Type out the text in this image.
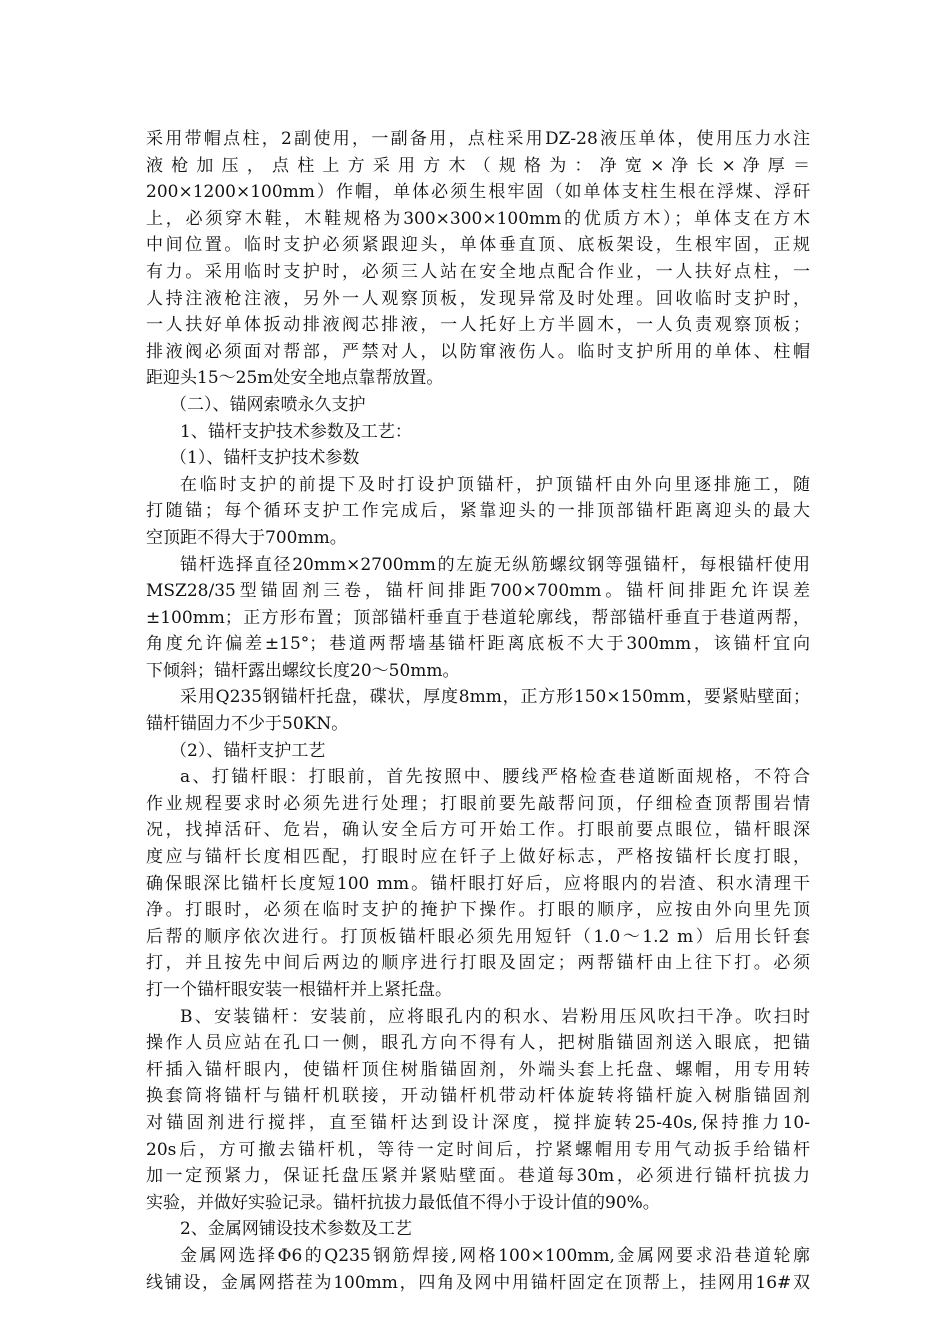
采用带帽点柱，2副使用，一副备用，点柱采用DZ-28液压单体，使用压力水注
液 枪 加 压 ， 点 柱 上 方 采 用 方 木 （ 规 格 为 ： 净 宽 × 净 长 × 净 厚 ＝
200×1200×100mm）作帽，单体必须生根牢固（如单体支柱生根在浮煤、浮矸
上，必须穿木鞋，木鞋规格为300×300×100mm的优质方木）；单体支在方木
中间位置。临时支护必须紧跟迎头，单体垂直顶、底板架设，生根牢固，正规
有力。采用临时支护时，必须三人站在安全地点配合作业，一人扶好点柱，一
人持注液枪注液，另外一人观察顶板，发现异常及时处理。回收临时支护时，
一人扶好单体扳动排液阀芯排液，一人托好上方半圆木，一人负责观察顶板；
排液阀必须面对帮部，严禁对人，以防窜液伤人。临时支护所用的单体、柱帽
距迎头15～25m处安全地点靠帮放置。
（二）、锚网索喷永久支护
1、锚杆支护技术参数及工艺：
（1）、锚杆支护技术参数
在临时支护的前提下及时打设护顶锚杆，护顶锚杆由外向里逐排施工，随
打随锚；每个循环支护工作完成后，紧靠迎头的一排顶部锚杆距离迎头的最大
空顶距不得大于700mm。
锚杆选择直径20mm×2700mm的左旋无纵筋螺纹钢等强锚杆，每根锚杆使用
MSZ28/35型锚固剂三卷，锚杆间排距700×700mm。锚杆间排距允许误差
±100mm；正方形布置；顶部锚杆垂直于巷道轮廓线，帮部锚杆垂直于巷道两帮，
角度允许偏差±15°；巷道两帮墙基锚杆距离底板不大于300mm，该锚杆宜向
下倾斜；锚杆露出螺纹长度20～50mm。
采用Q235钢锚杆托盘，碟状，厚度8mm，正方形150×150mm，要紧贴壁面；
锚杆锚固力不少于50KN。
（2）、锚杆支护工艺
a、打锚杆眼：打眼前，首先按照中、腰线严格检查巷道断面规格，不符合
作业规程要求时必须先进行处理；打眼前要先敲帮问顶，仔细检查顶帮围岩情
况，找掉活矸、危岩，确认安全后方可开始工作。打眼前要点眼位，锚杆眼深
度应与锚杆长度相匹配，打眼时应在钎子上做好标志，严格按锚杆长度打眼，
确保眼深比锚杆长度短100 mm。锚杆眼打好后，应将眼内的岩渣、积水清理干
净。打眼时，必须在临时支护的掩护下操作。打眼的顺序，应按由外向里先顶
后帮的顺序依次进行。打顶板锚杆眼必须先用短钎（1.0～1.2 m）后用长钎套
打，并且按先中间后两边的顺序进行打眼及固定；两帮锚杆由上往下打。必须
打一个锚杆眼安装一根锚杆并上紧托盘。
B、安装锚杆：安装前，应将眼孔内的积水、岩粉用压风吹扫干净。吹扫时
操作人员应站在孔口一侧，眼孔方向不得有人，把树脂锚固剂送入眼底，把锚
杆插入锚杆眼内，使锚杆顶住树脂锚固剂，外端头套上托盘、螺帽，用专用转
换套筒将锚杆与锚杆机联接，开动锚杆机带动杆体旋转将锚杆旋入树脂锚固剂
对锚固剂进行搅拌，直至锚杆达到设计深度，搅拌旋转25-40s,保持推力10-
20s后，方可撤去锚杆机，等待一定时间后，拧紧螺帽用专用气动扳手给锚杆
加一定预紧力，保证托盘压紧并紧贴壁面。巷道每30m，必须进行锚杆抗拔力
实验，并做好实验记录。锚杆抗拔力最低值不得小于设计值的90%。
2、金属网铺设技术参数及工艺
金属网选择Φ6的Q235钢筋焊接,网格100×100mm,金属网要求沿巷道轮廓
线铺设，金属网搭茬为100mm，四角及网中用锚杆固定在顶帮上，挂网用16#双
